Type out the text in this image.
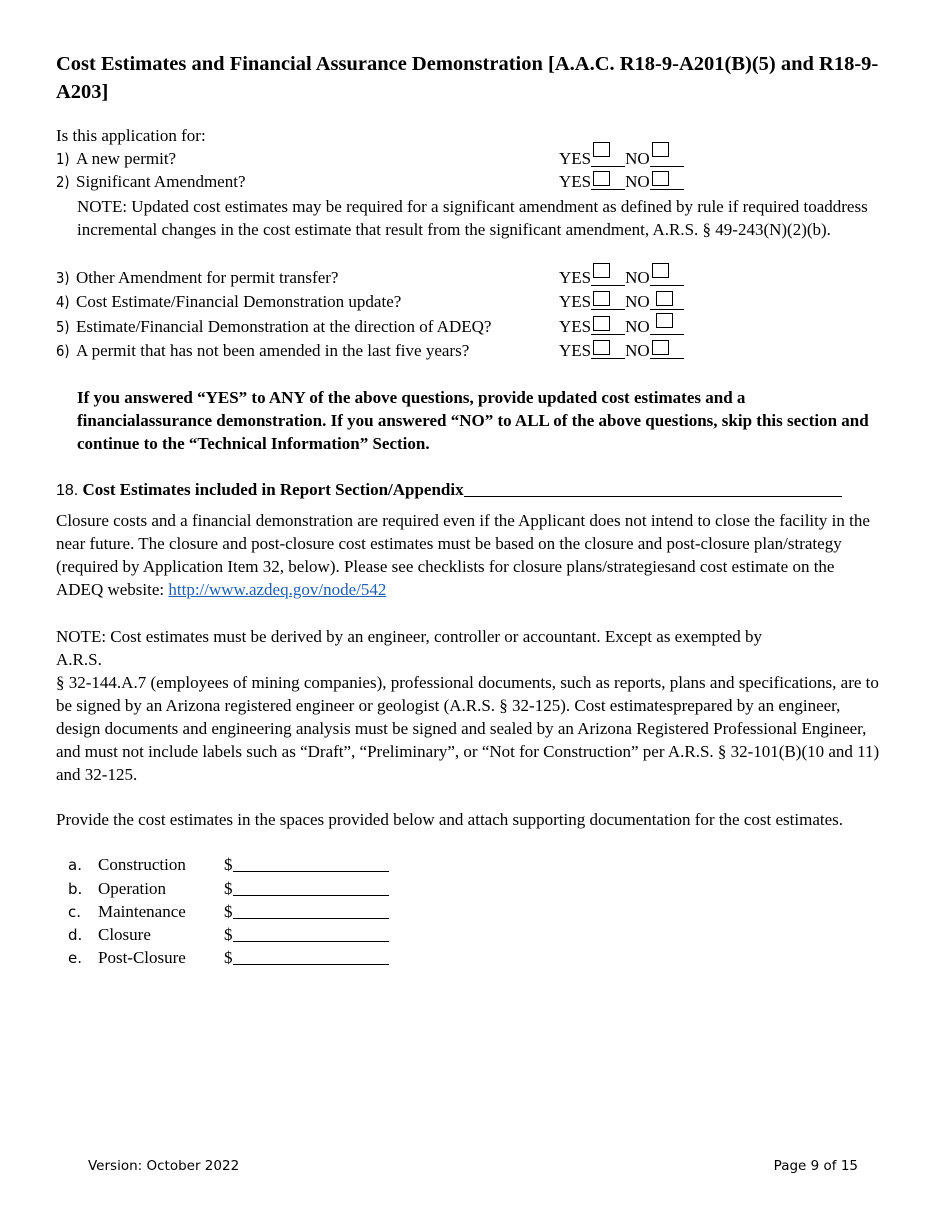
Cost Estimates and Financial Assurance Demonstration [A.A.C. R18-9-A201(B)(5) and R18-9-A203]
Is this application for:
1) A new permit?	YES NO
2) Significant Amendment?	YES NO
NOTE: Updated cost estimates may be required for a significant amendment as defined by rule if required toaddress incremental changes in the cost estimate that result from the significant amendment, A.R.S. § 49-243(N)(2)(b).
3) Other Amendment for permit transfer?	YES NO
4) Cost Estimate/Financial Demonstration update?	YES NO
5) Estimate/Financial Demonstration at the direction of ADEQ?	YES NO
6) A permit that has not been amended in the last five years?	YES NO
If you answered “YES” to ANY of the above questions, provide updated cost estimates and a financialassurance demonstration. If you answered “NO” to ALL of the above questions, skip this section and continue to the “Technical Information” Section.
18. Cost Estimates included in Report Section/Appendix
Closure costs and a financial demonstration are required even if the Applicant does not intend to close the facility in the near future. The closure and post-closure cost estimates must be based on the closure and post-closure plan/strategy (required by Application Item 32, below). Please see checklists for closure plans/strategiesand cost estimate on the ADEQ website: http://www.azdeq.gov/node/542
NOTE: Cost estimates must be derived by an engineer, controller or accountant. Except as exempted by
A.R.S.
§ 32-144.A.7 (employees of mining companies), professional documents, such as reports, plans and specifications, are to be signed by an Arizona registered engineer or geologist (A.R.S. § 32-125). Cost estimatesprepared by an engineer, design documents and engineering analysis must be signed and sealed by an Arizona Registered Professional Engineer, and must not include labels such as “Draft”, “Preliminary”, or “Not for Construction” per A.R.S. § 32-101(B)(10 and 11) and 32-125.
Provide the cost estimates in the spaces provided below and attach supporting documentation for the cost estimates.
a. Construction $
b. Operation	$
c. Maintenance $
d. Closure	$
e. Post-Closure $
Version: October 2022	Page 9 of 15
